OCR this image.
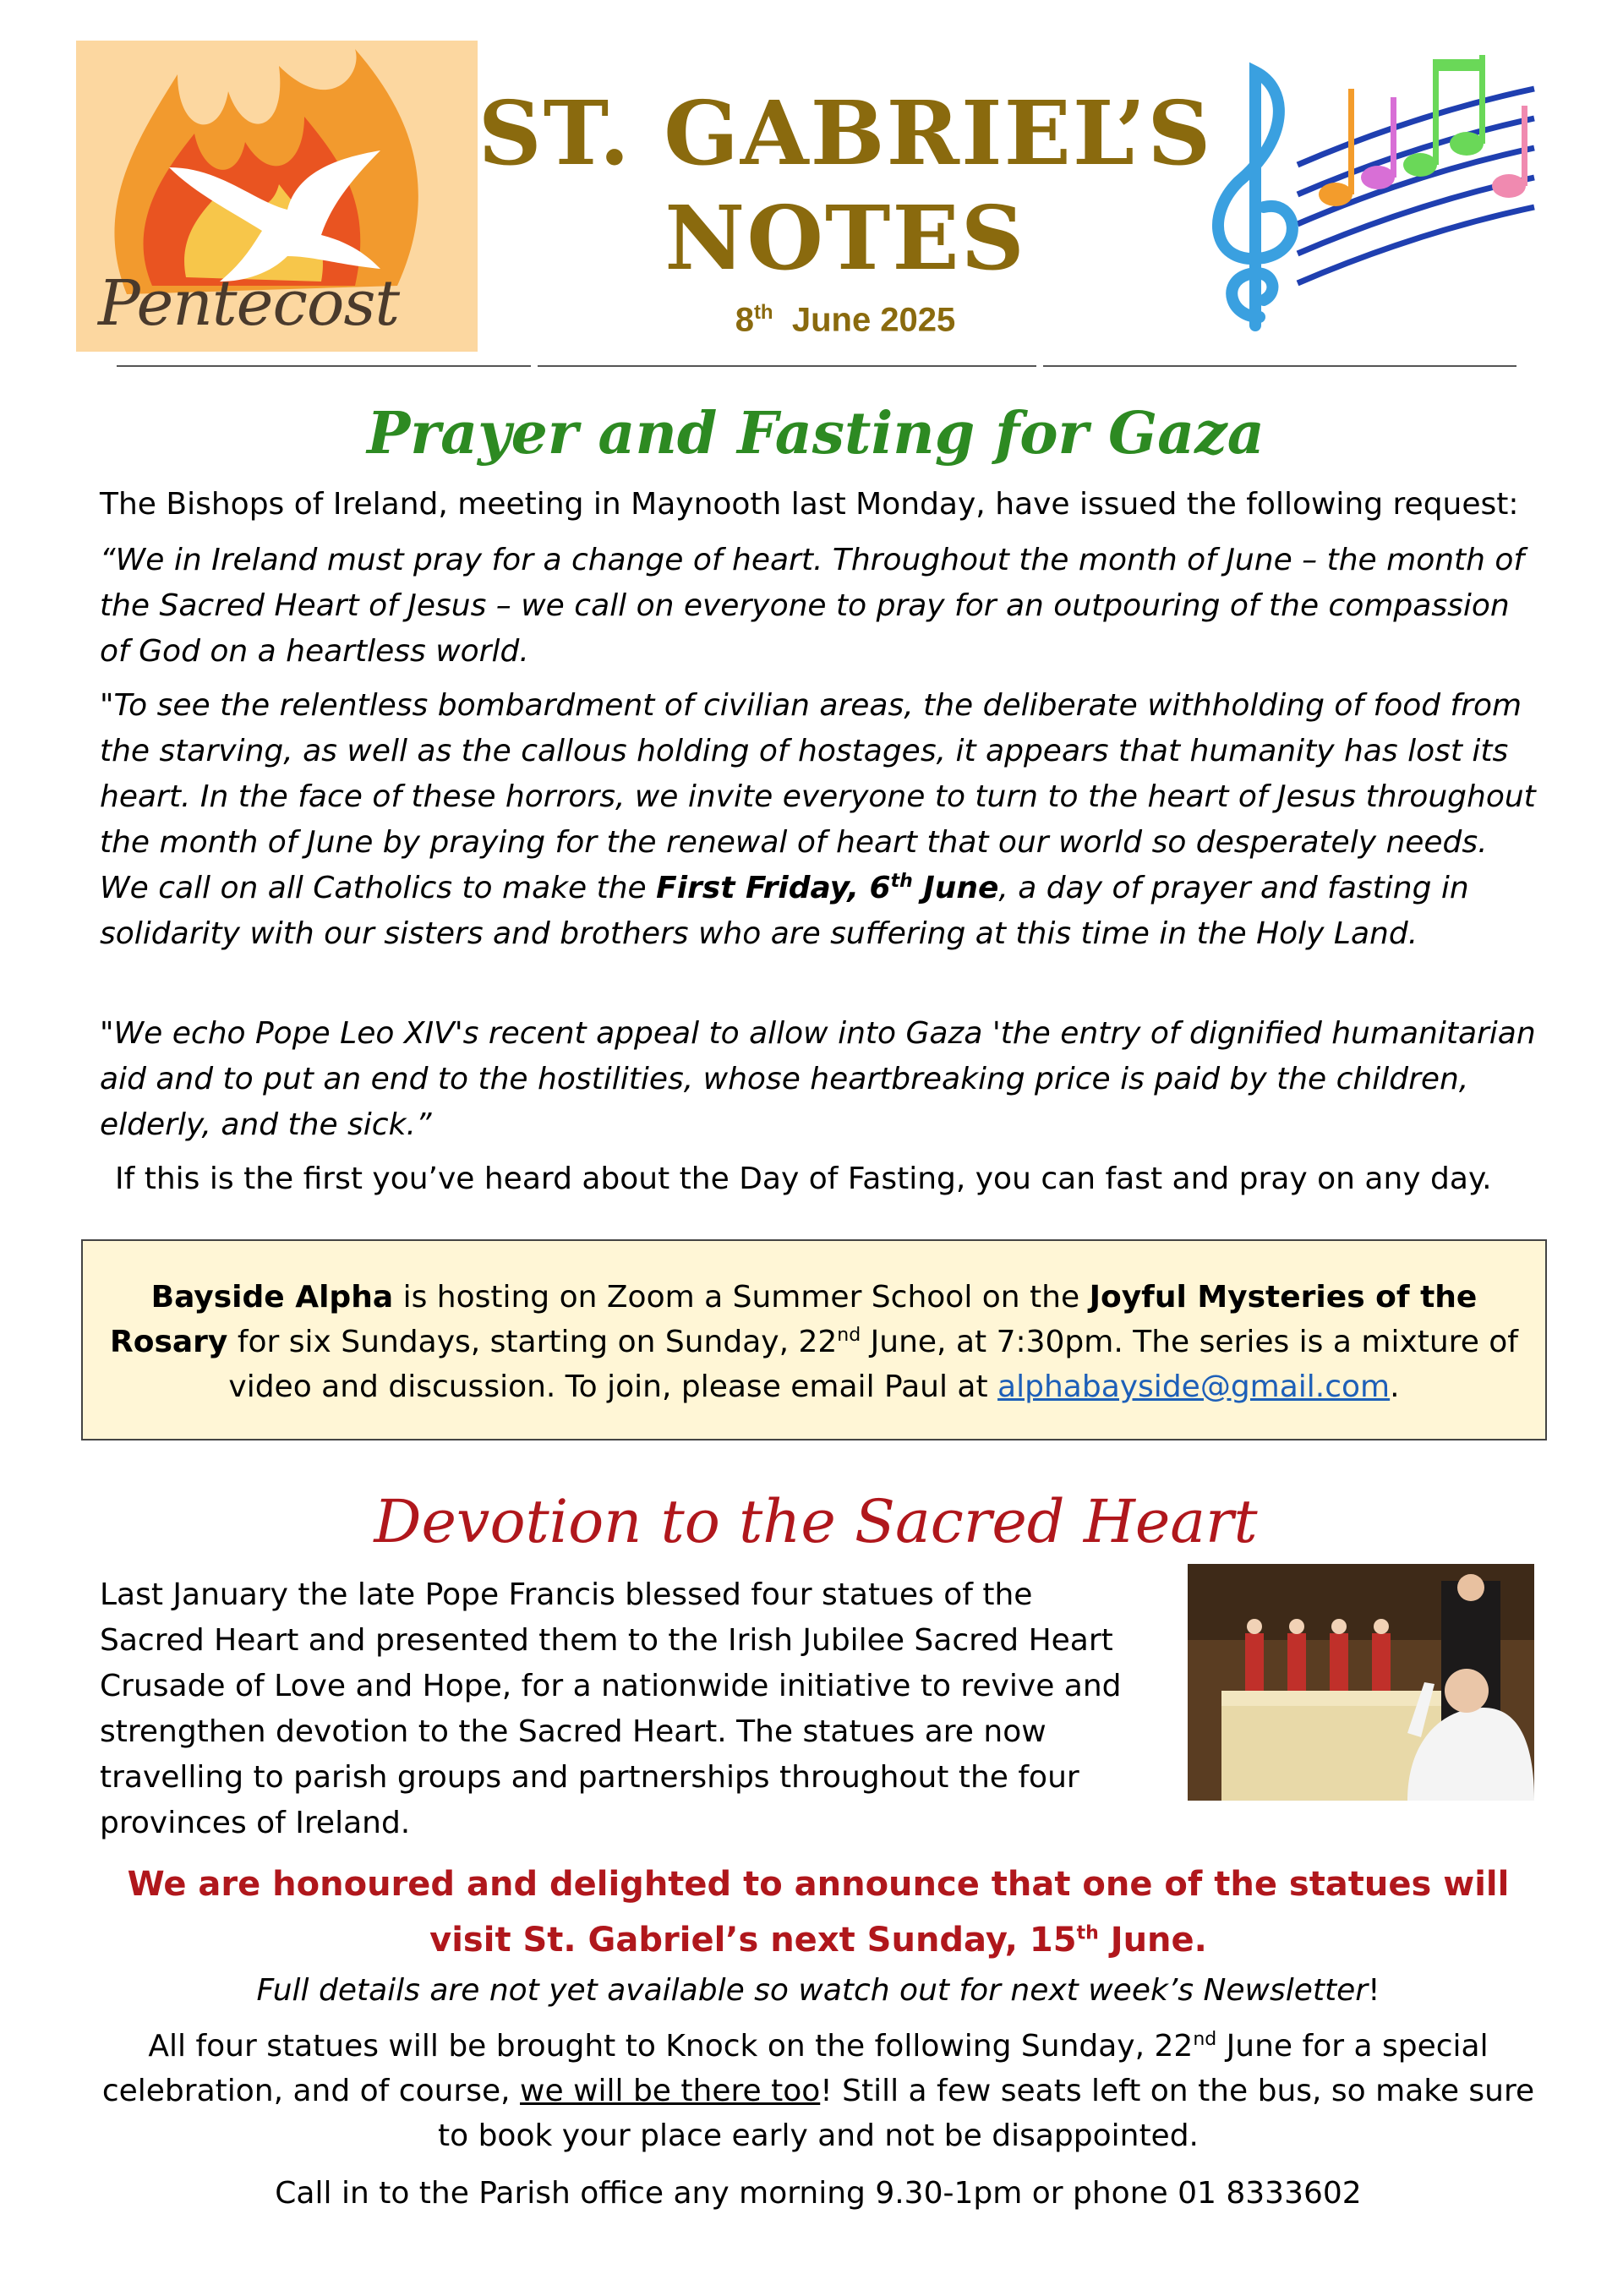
Pentecost
ST. GABRIEL’S
NOTES
8th June 2025
Prayer and Fasting for Gaza
The Bishops of Ireland, meeting in Maynooth last Monday, have issued the following request:
“We in Ireland must pray for a change of heart. Throughout the month of June – the month of the Sacred Heart of Jesus – we call on everyone to pray for an outpouring of the compassion of God on a heartless world.
"To see the relentless bombardment of civilian areas, the deliberate withholding of food from the starving, as well as the callous holding of hostages, it appears that humanity has lost its heart. In the face of these horrors, we invite everyone to turn to the heart of Jesus throughout the month of June by praying for the renewal of heart that our world so desperately needs. We call on all Catholics to make the First Friday, 6th June, a day of prayer and fasting in solidarity with our sisters and brothers who are suffering at this time in the Holy Land.
"We echo Pope Leo XIV's recent appeal to allow into Gaza 'the entry of dignified humanitarian aid and to put an end to the hostilities, whose heartbreaking price is paid by the children, elderly, and the sick.”
If this is the first you’ve heard about the Day of Fasting, you can fast and pray on any day.

Bayside Alpha is hosting on Zoom a Summer School on the Joyful Mysteries of the Rosary for six Sundays, starting on Sunday, 22nd June, at 7:30pm. The series is a mixture of video and discussion. To join, please email Paul at alphabayside@gmail.com.

Devotion to the Sacred Heart
Last January the late Pope Francis blessed four statues of the
Sacred Heart and presented them to the Irish Jubilee Sacred Heart
Crusade of Love and Hope, for a nationwide initiative to revive and
strengthen devotion to the Sacred Heart. The statues are now
travelling to parish groups and partnerships throughout the four
provinces of Ireland.
We are honoured and delighted to announce that one of the statues will
visit St. Gabriel’s next Sunday, 15th June.
Full details are not yet available so watch out for next week’s Newsletter!
All four statues will be brought to Knock on the following Sunday, 22nd June for a special celebration, and of course, we will be there too! Still a few seats left on the bus, so make sure to book your place early and not be disappointed.
Call in to the Parish office any morning 9.30-1pm or phone 01 8333602
